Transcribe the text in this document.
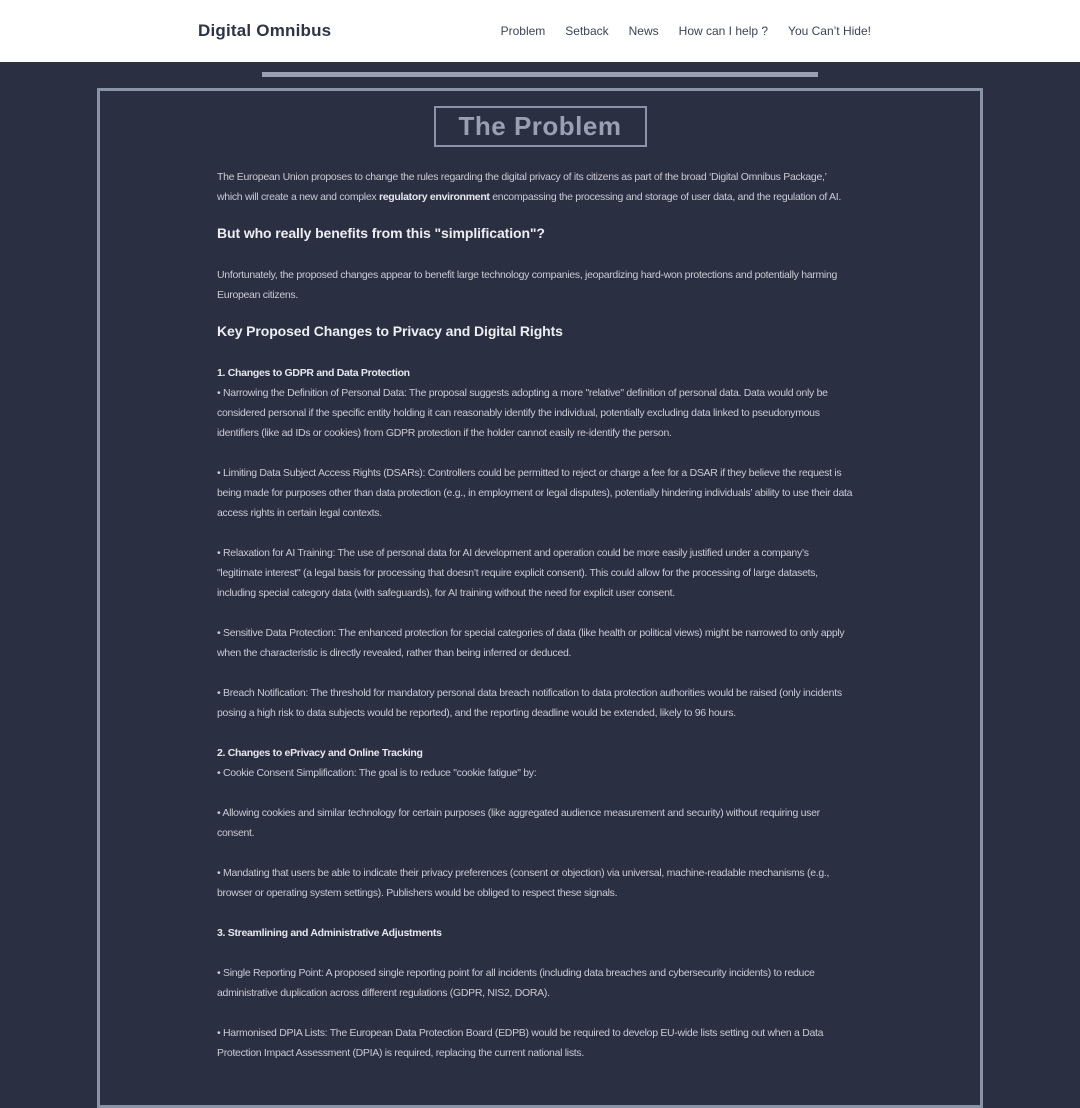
Digital Omnibus	Problem Setback News How can I help ? You Can’t Hide!
The Problem

The European Union proposes to change the rules regarding the digital privacy of its citizens as part of the broad ‘Digital Omnibus Package,’ which will create a new and complex regulatory environment encompassing the processing and storage of user data, and the regulation of AI.

But who really benefits from this "simplification"?

Unfortunately, the proposed changes appear to benefit large technology companies, jeopardizing hard-won protections and potentially harming European citizens.

Key Proposed Changes to Privacy and Digital Rights

1. Changes to GDPR and Data Protection

• Narrowing the Definition of Personal Data: The proposal suggests adopting a more "relative" definition of personal data. Data would only be considered personal if the specific entity holding it can reasonably identify the individual, potentially excluding data linked to pseudonymous identifiers (like ad IDs or cookies) from GDPR protection if the holder cannot easily re-identify the person.

• Limiting Data Subject Access Rights (DSARs): Controllers could be permitted to reject or charge a fee for a DSAR if they believe the request is being made for purposes other than data protection (e.g., in employment or legal disputes), potentially hindering individuals’ ability to use their data access rights in certain legal contexts.

• Relaxation for AI Training: The use of personal data for AI development and operation could be more easily justified under a company’s "legitimate interest" (a legal basis for processing that doesn’t require explicit consent). This could allow for the processing of large datasets, including special category data (with safeguards), for AI training without the need for explicit user consent.

• Sensitive Data Protection: The enhanced protection for special categories of data (like health or political views) might be narrowed to only apply when the characteristic is directly revealed, rather than being inferred or deduced.

• Breach Notification: The threshold for mandatory personal data breach notification to data protection authorities would be raised (only incidents posing a high risk to data subjects would be reported), and the reporting deadline would be extended, likely to 96 hours.

2. Changes to ePrivacy and Online Tracking

• Cookie Consent Simplification: The goal is to reduce "cookie fatigue" by:

• Allowing cookies and similar technology for certain purposes (like aggregated audience measurement and security) without requiring user consent.

• Mandating that users be able to indicate their privacy preferences (consent or objection) via universal, machine-readable mechanisms (e.g., browser or operating system settings). Publishers would be obliged to respect these signals.

3. Streamlining and Administrative Adjustments

• Single Reporting Point: A proposed single reporting point for all incidents (including data breaches and cybersecurity incidents) to reduce administrative duplication across different regulations (GDPR, NIS2, DORA).

• Harmonised DPIA Lists: The European Data Protection Board (EDPB) would be required to develop EU-wide lists setting out when a Data Protection Impact Assessment (DPIA) is required, replacing the current national lists.
